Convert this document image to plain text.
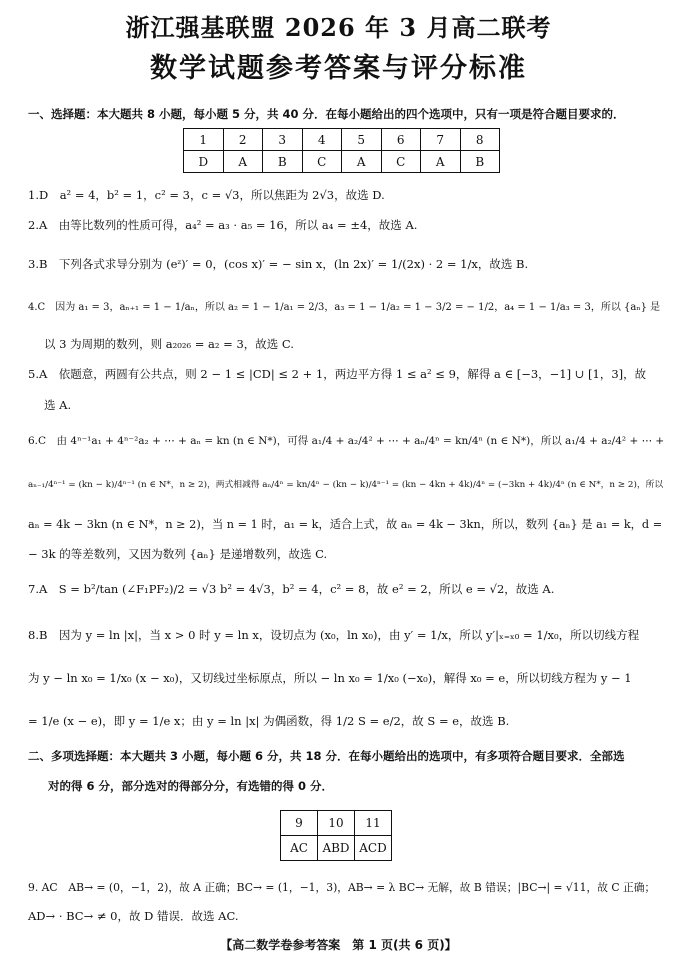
浙江强基联盟 2026 年 3 月高二联考
数学试题参考答案与评分标准
一、选择题：本大题共 8 小题，每小题 5 分，共 40 分．在每小题给出的四个选项中，只有一项是符合题目要求的．
1	2	3	4	5	6	7	8
D	A	B	C	A	C	A	B
1.D　a² = 4，b² = 1，c² = 3，c = √3，所以焦距为 2√3，故选 D.
2.A　由等比数列的性质可得，a₄² = a₃ · a₅ = 16，所以 a₄ = ±4，故选 A.
3.B　下列各式求导分别为 (eᶻ)′ = 0，(cos x)′ = − sin x，(ln 2x)′ = 1/(2x) · 2 = 1/x，故选 B.
4.C　因为 a₁ = 3，aₙ₊₁ = 1 − 1/aₙ，所以 a₂ = 1 − 1/a₁ = 2/3，a₃ = 1 − 1/a₂ = 1 − 3/2 = − 1/2，a₄ = 1 − 1/a₃ = 3，所以 {aₙ} 是
以 3 为周期的数列，则 a₂₀₂₆ = a₂ = 3，故选 C.
5.A　依题意，两圆有公共点，则 2 − 1 ≤ |CD| ≤ 2 + 1，两边平方得 1 ≤ a² ≤ 9，解得 a ∈ [−3，−1] ∪ [1，3]，故
选 A.
6.C　由 4ⁿ⁻¹a₁ + 4ⁿ⁻²a₂ + ⋯ + aₙ = kn (n ∈ N*)，可得 a₁/4 + a₂/4² + ⋯ + aₙ/4ⁿ = kn/4ⁿ (n ∈ N*)，所以 a₁/4 + a₂/4² + ⋯ +
aₙ₋₁/4ⁿ⁻¹ = (kn − k)/4ⁿ⁻¹ (n ∈ N*，n ≥ 2)，两式相减得 aₙ/4ⁿ = kn/4ⁿ − (kn − k)/4ⁿ⁻¹ = (kn − 4kn + 4k)/4ⁿ = (−3kn + 4k)/4ⁿ (n ∈ N*，n ≥ 2)，所以
aₙ = 4k − 3kn (n ∈ N*，n ≥ 2)，当 n = 1 时，a₁ = k，适合上式，故 aₙ = 4k − 3kn，所以，数列 {aₙ} 是 a₁ = k，d =
− 3k 的等差数列，又因为数列 {aₙ} 是递增数列，故选 C.
7.A　S = b²/tan (∠F₁PF₂)/2 = √3 b² = 4√3，b² = 4，c² = 8，故 e² = 2，所以 e = √2，故选 A.
8.B　因为 y = ln |x|，当 x > 0 时 y = ln x，设切点为 (x₀，ln x₀)，由 y′ = 1/x，所以 y′|ₓ₌ₓ₀ = 1/x₀，所以切线方程
为 y − ln x₀ = 1/x₀ (x − x₀)，又切线过坐标原点，所以 − ln x₀ = 1/x₀ (−x₀)，解得 x₀ = e，所以切线方程为 y − 1
= 1/e (x − e)，即 y = 1/e x；由 y = ln |x| 为偶函数，得 1/2 S = e/2，故 S = e，故选 B.
二、多项选择题：本大题共 3 小题，每小题 6 分，共 18 分．在每小题给出的选项中，有多项符合题目要求．全部选
对的得 6 分，部分选对的得部分分，有选错的得 0 分．
9	10	11
AC	ABD	ACD
9. AC　AB→ = (0，−1，2)，故 A 正确；BC→ = (1，−1，3)，AB→ = λ BC→ 无解，故 B 错误；|BC→| = √11，故 C 正确；
AD→ · BC→ ≠ 0，故 D 错误．故选 AC.
【高二数学卷参考答案　第 1 页(共 6 页)】
